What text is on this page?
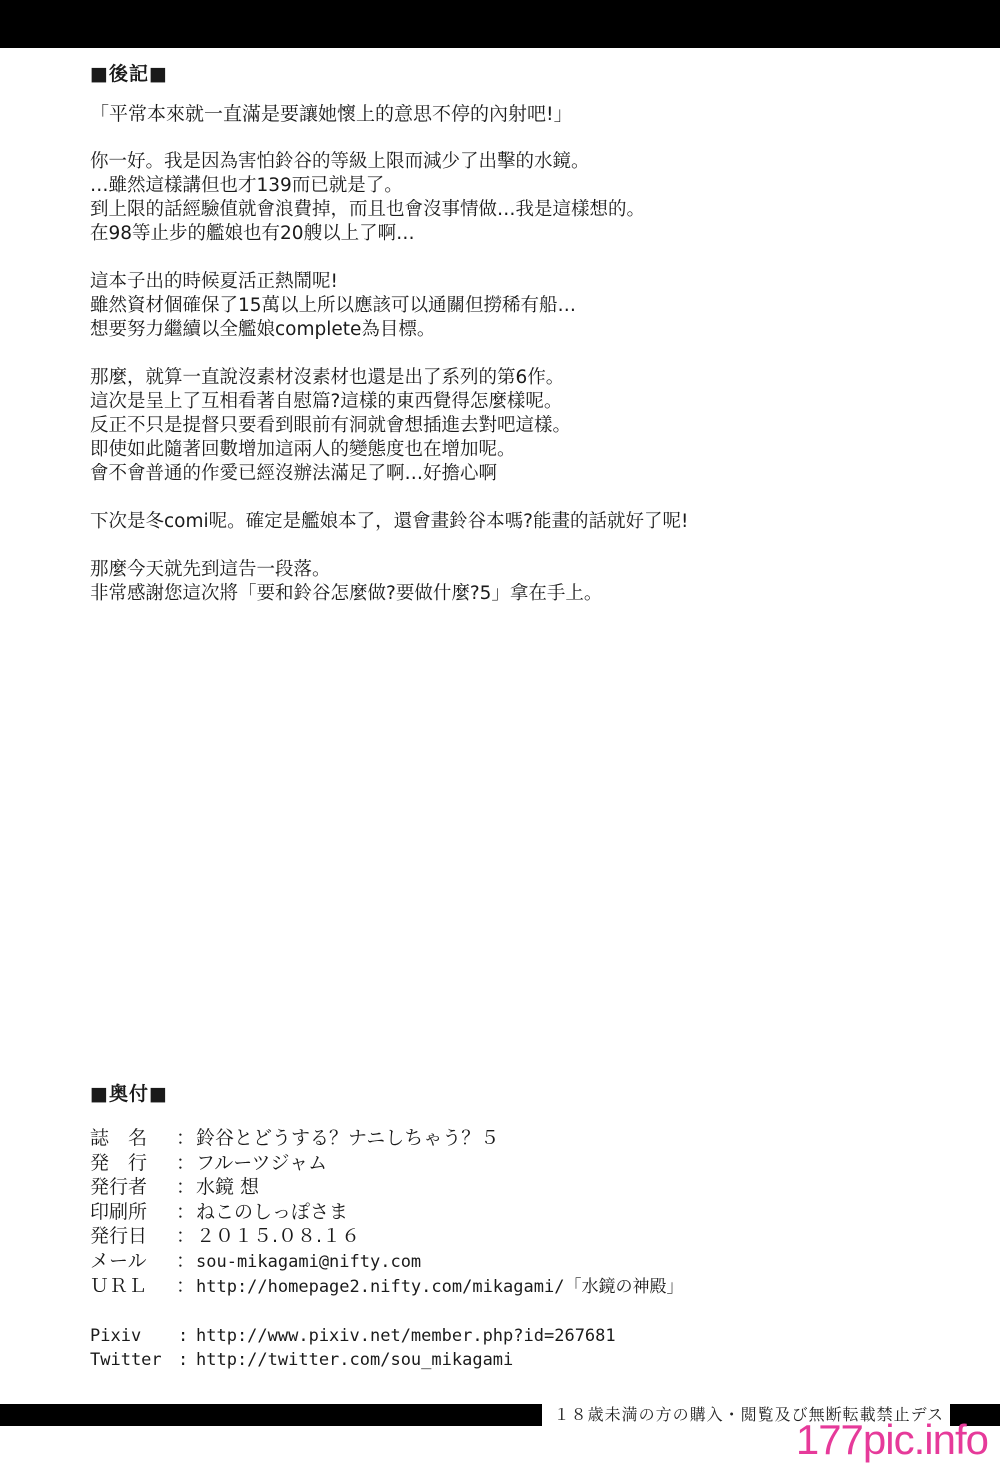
■後記■
「平常本來就一直滿是要讓她懷上的意思不停的內射吧!」
你一好。我是因為害怕鈴谷的等級上限而減少了出擊的水鏡。
…雖然這樣講但也才139而已就是了。
到上限的話經驗值就會浪費掉，而且也會沒事情做…我是這樣想的。
在98等止步的艦娘也有20艘以上了啊…
這本子出的時候夏活正熱鬧呢!
雖然資材個確保了15萬以上所以應該可以通關但撈稀有船…
想要努力繼續以全艦娘complete為目標。
那麼，就算一直說沒素材沒素材也還是出了系列的第6作。
這次是呈上了互相看著自慰篇?這樣的東西覺得怎麼樣呢。
反正不只是提督只要看到眼前有洞就會想插進去對吧這樣。
即使如此隨著回數增加這兩人的變態度也在增加呢。
會不會普通的作愛已經沒辦法滿足了啊…好擔心啊
下次是冬comi呢。確定是艦娘本了，還會畫鈴谷本嗎?能畫的話就好了呢!
那麼今天就先到這告一段落。
非常感謝您這次將「要和鈴谷怎麼做?要做什麼?5」拿在手上。
■奥付■
誌　名	： 鈴谷とどうする？ナニしちゃう？５
発　行	： フルーツジャム
発行者	： 水鏡 想
印刷所	： ねこのしっぽさま
発行日	： ２０１５.０８.１６
メール	： sou-mikagami@nifty.com
ＵＲＬ	： http://homepage2.nifty.com/mikagami/「水鏡の神殿」
Pixiv	: http://www.pixiv.net/member.php?id=267681
Twitter : http://twitter.com/sou_mikagami
１８歳未満の方の購入・閲覧及び無断転載禁止デス
177pic.info
